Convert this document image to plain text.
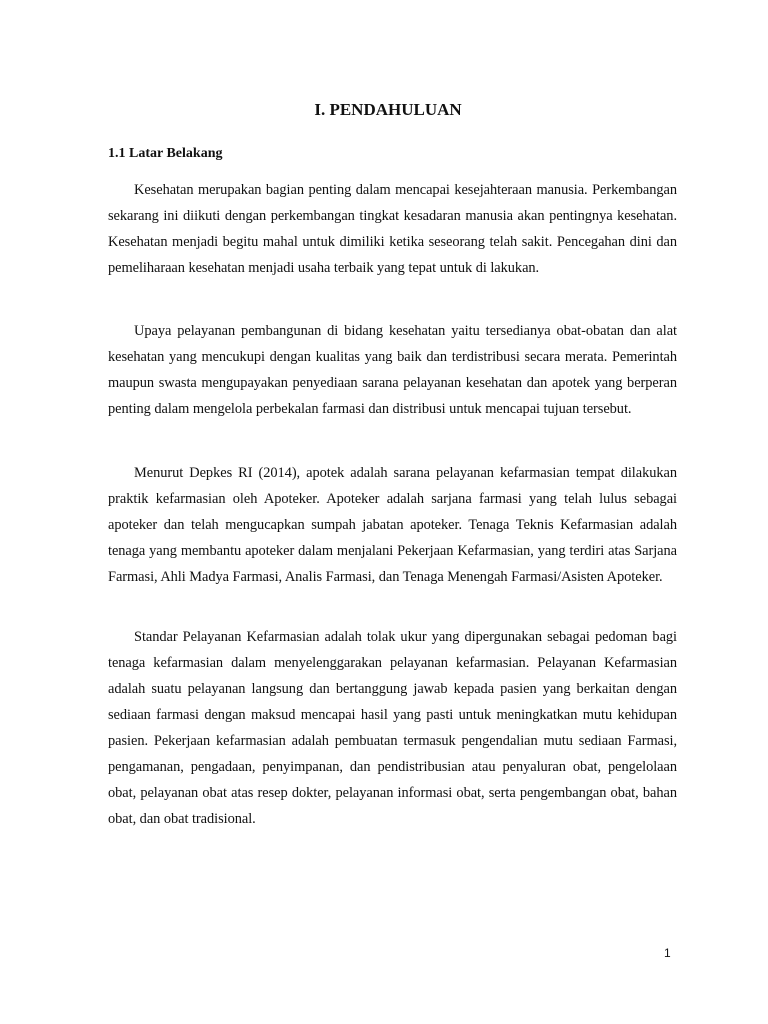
I. PENDAHULUAN
1.1 Latar Belakang

Kesehatan merupakan bagian penting dalam mencapai kesejahteraan manusia. Perkembangan sekarang ini diikuti dengan perkembangan tingkat kesadaran manusia akan pentingnya kesehatan. Kesehatan menjadi begitu mahal untuk dimiliki ketika seseorang telah sakit. Pencegahan dini dan pemeliharaan kesehatan menjadi usaha terbaik yang tepat untuk di lakukan.

Upaya pelayanan pembangunan di bidang kesehatan yaitu tersedianya obat-obatan dan alat kesehatan yang mencukupi dengan kualitas yang baik dan terdistribusi secara merata. Pemerintah maupun swasta mengupayakan penyediaan sarana pelayanan kesehatan dan apotek yang berperan penting dalam mengelola perbekalan farmasi dan distribusi untuk mencapai tujuan tersebut.

Menurut Depkes RI (2014), apotek adalah sarana pelayanan kefarmasian tempat dilakukan praktik kefarmasian oleh Apoteker. Apoteker adalah sarjana farmasi yang telah lulus sebagai apoteker dan telah mengucapkan sumpah jabatan apoteker. Tenaga Teknis Kefarmasian adalah tenaga yang membantu apoteker dalam menjalani Pekerjaan Kefarmasian, yang terdiri atas Sarjana Farmasi, Ahli Madya Farmasi, Analis Farmasi, dan Tenaga Menengah Farmasi/Asisten Apoteker.

Standar Pelayanan Kefarmasian adalah tolak ukur yang dipergunakan sebagai pedoman bagi tenaga kefarmasian dalam menyelenggarakan pelayanan kefarmasian. Pelayanan Kefarmasian adalah suatu pelayanan langsung dan bertanggung jawab kepada pasien yang berkaitan dengan sediaan farmasi dengan maksud mencapai hasil yang pasti untuk meningkatkan mutu kehidupan pasien. Pekerjaan kefarmasian adalah pembuatan termasuk pengendalian mutu sediaan Farmasi, pengamanan, pengadaan, penyimpanan, dan pendistribusian atau penyaluran obat, pengelolaan obat, pelayanan obat atas resep dokter, pelayanan informasi obat, serta pengembangan obat, bahan obat, dan obat tradisional.

1
